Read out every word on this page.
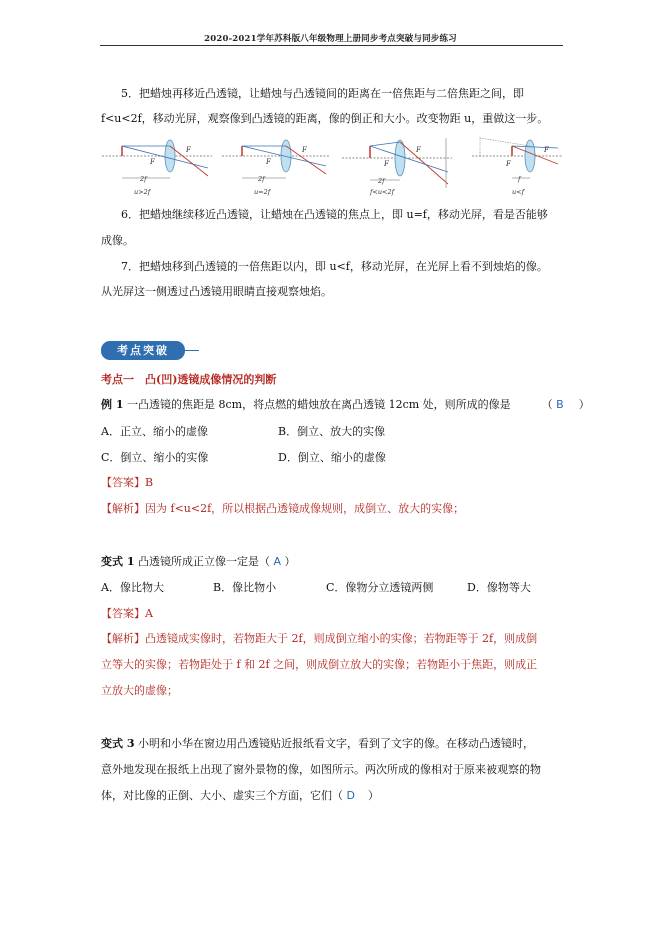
2020-2021学年苏科版八年级物理上册同步考点突破与同步练习
5．把蜡烛再移近凸透镜，让蜡烛与凸透镜间的距离在一倍焦距与二倍焦距之间，即
f<u<2f，移动光屏，观察像到凸透镜的距离，像的倒正和大小。改变物距 u，重做这一步。
F
F
2f
u>2f
F
F
2f
u=2f
F
F
2f
f<u<2f
F
F
f
u<f
6．把蜡烛继续移近凸透镜，让蜡烛在凸透镜的焦点上，即 u=f，移动光屏，看是否能够
成像。
7．把蜡烛移到凸透镜的一倍焦距以内，即 u<f，移动光屏，在光屏上看不到烛焰的像。
从光屏这一侧透过凸透镜用眼睛直接观察烛焰。
考点突破
考点一　凸(凹)透镜成像情况的判断
例 1 一凸透镜的焦距是 8cm，将点燃的蜡烛放在离凸透镜 12cm 处，则所成的像是	（ B ）
A．正立、缩小的虚像	B．倒立、放大的实像
C．倒立、缩小的实像	D．倒立、缩小的虚像
【答案】B
【解析】因为 f<u<2f，所以根据凸透镜成像规则，成倒立、放大的实像；
变式 1 凸透镜所成正立像一定是（ A ）
A．像比物大	B．像比物小	C．像物分立透镜两侧	D．像物等大
【答案】A
【解析】凸透镜成实像时，若物距大于 2f，则成倒立缩小的实像；若物距等于 2f，则成倒
立等大的实像；若物距处于 f 和 2f 之间，则成倒立放大的实像；若物距小于焦距，则成正
立放大的虚像；
变式 3 小明和小华在窗边用凸透镜贴近报纸看文字，看到了文字的像。在移动凸透镜时，
意外地发现在报纸上出现了窗外景物的像，如图所示。两次所成的像相对于原来被观察的物
体，对比像的正倒、大小、虚实三个方面，它们（ D ）
